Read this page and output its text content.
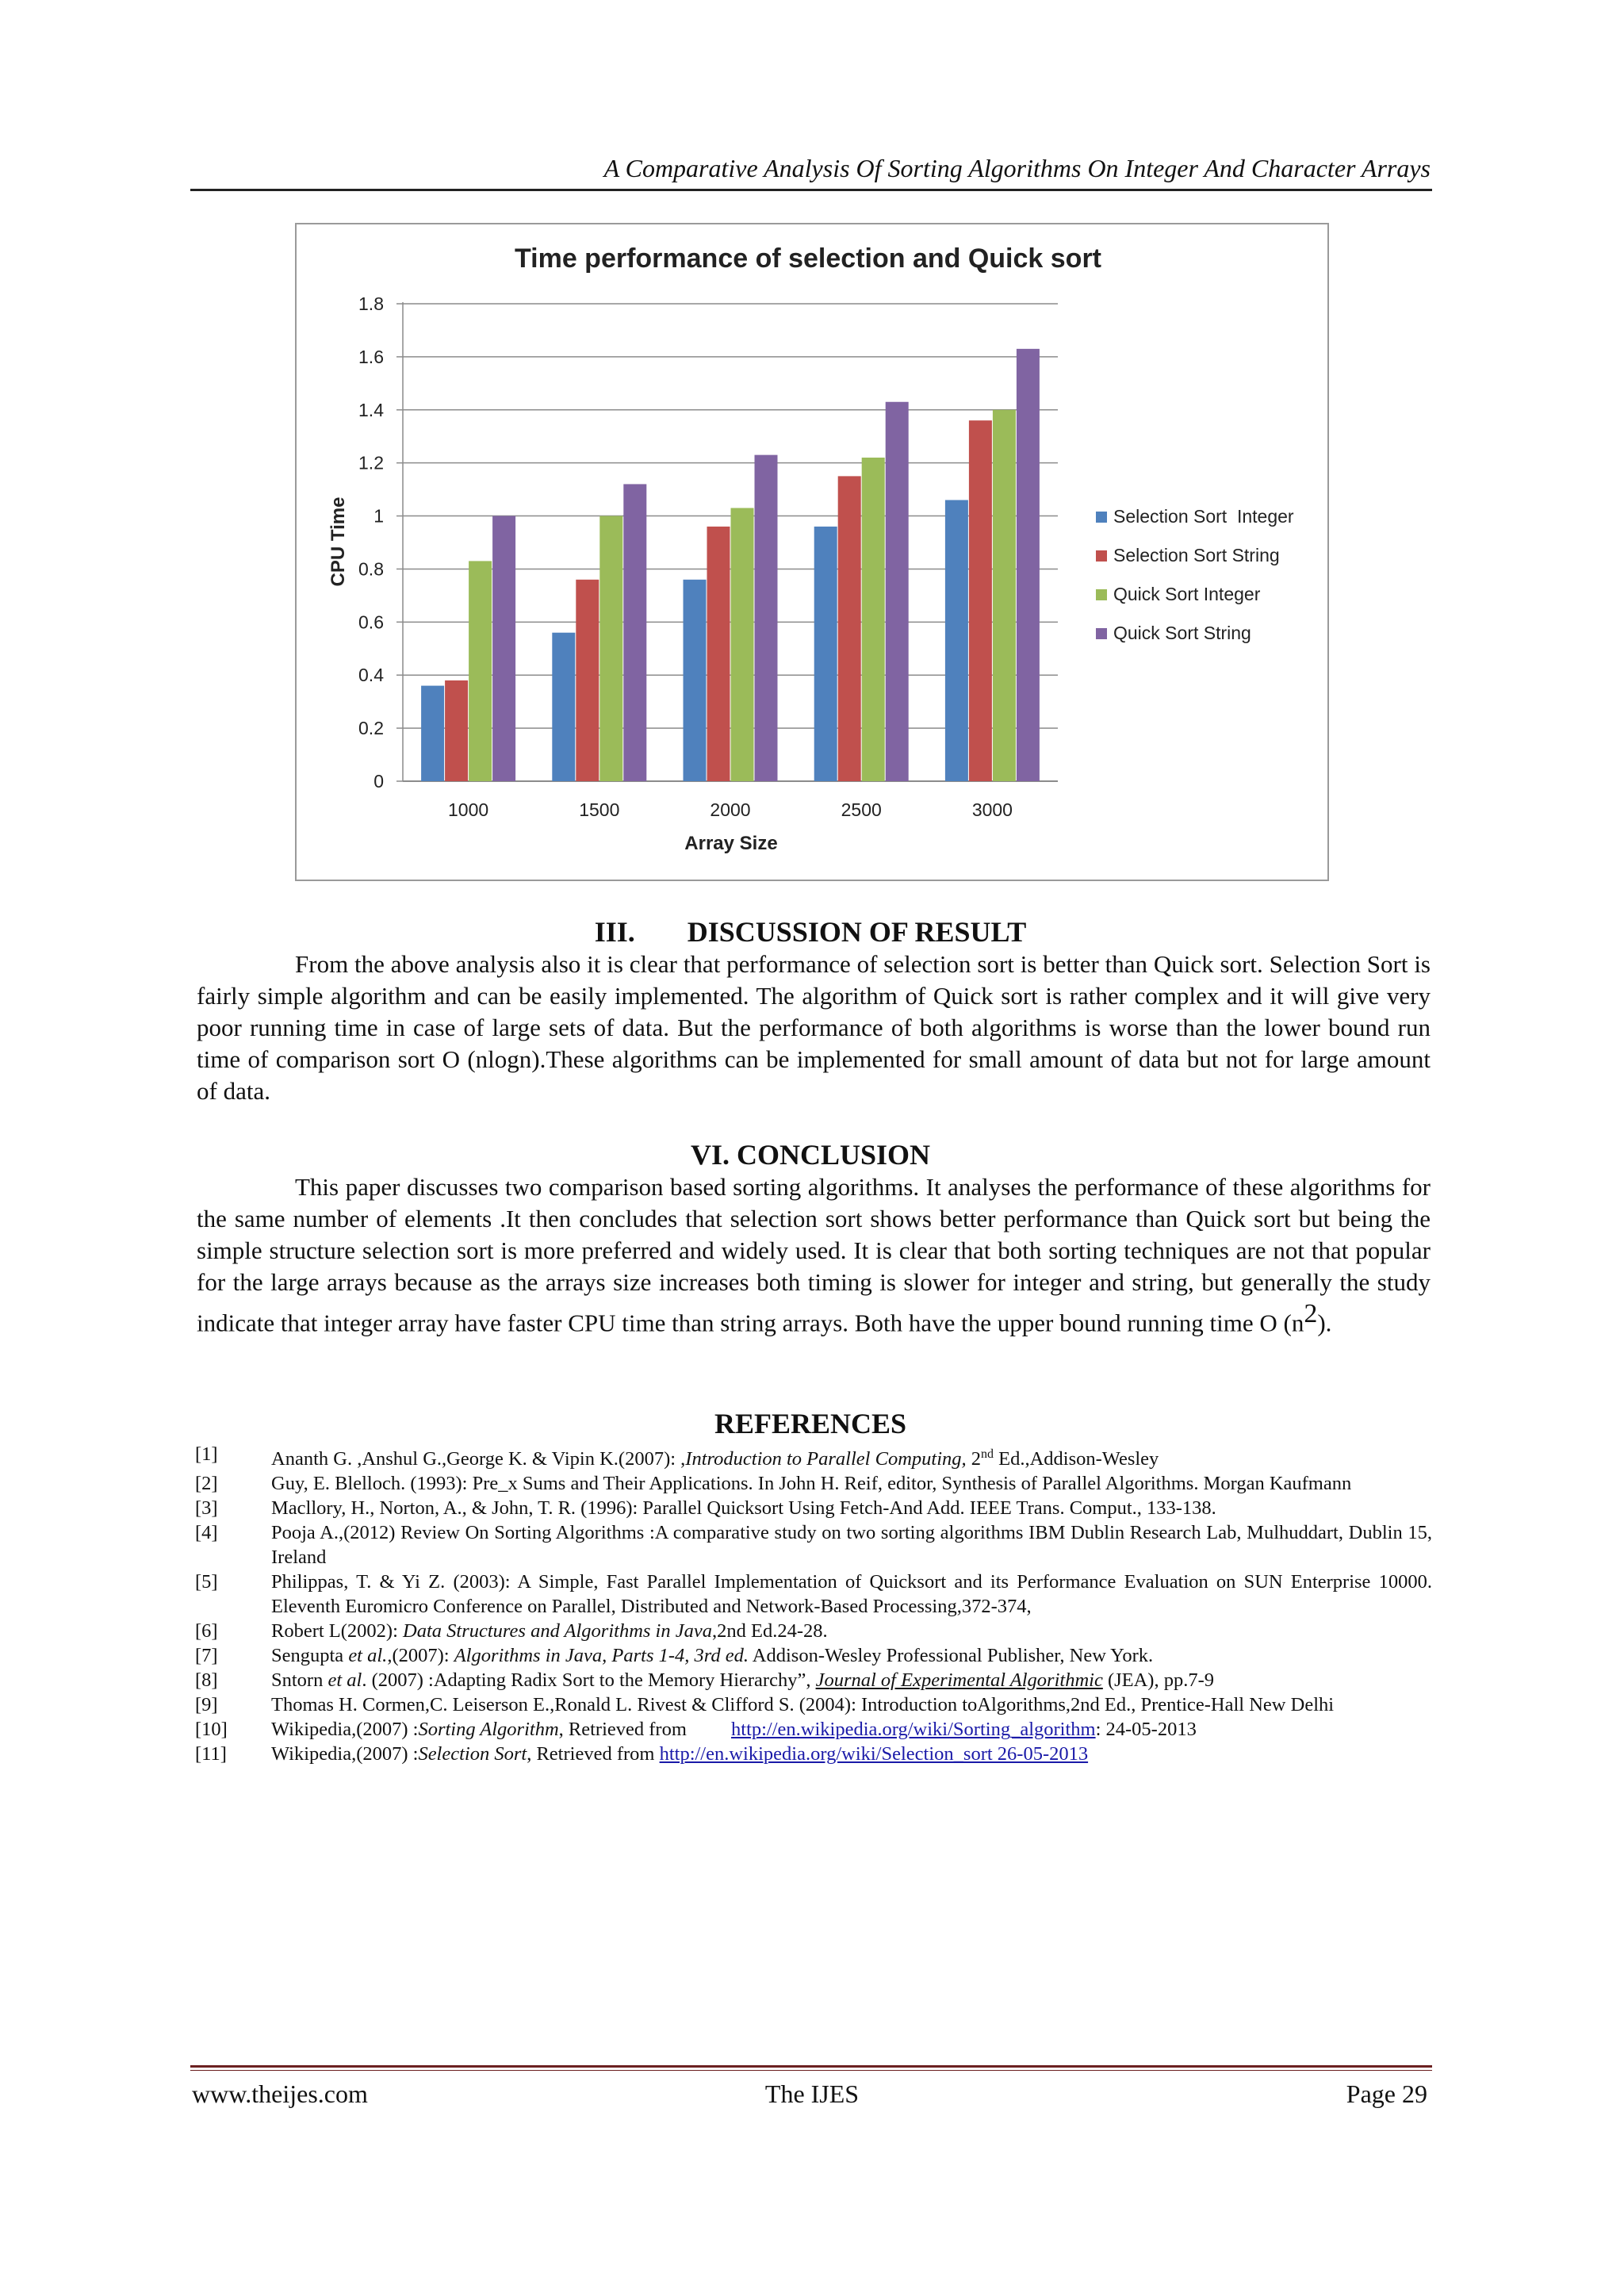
A Comparative Analysis Of Sorting Algorithms On Integer And Character Arrays
Time performance of selection and Quick sort
0
0.2
0.4
0.6
0.8
1
1.2
1.4
1.6
1.8
1000	1500	2000	2500	3000
Selection Sort  Integer
Selection Sort String
Quick Sort Integer
Quick Sort String
Array Size
CPU Time
III. DISCUSSION OF RESULT

From the above analysis also it is clear that performance of selection sort is better than Quick sort. Selection Sort is fairly simple algorithm and can be easily implemented. The algorithm of Quick sort is rather complex and it will give very poor running time in case of large sets of data. But the performance of both algorithms is worse than the lower bound run time of comparison sort O (nlogn).These algorithms can be implemented for small amount of data but not for large amount of data.

VI. CONCLUSION

This paper discusses two comparison based sorting algorithms. It analyses the performance of these algorithms for the same number of elements .It then concludes that selection sort shows better performance than Quick sort but being the simple structure selection sort is more preferred and widely used. It is clear that both sorting techniques are not that popular for the large arrays because as the arrays size increases both timing is slower for integer and string, but generally the study indicate that integer array have faster CPU time than string arrays. Both have the upper bound running time O $(n^2)$.

REFERENCES
[1]	Ananth G. ,Anshul G.,George K. & Vipin K.(2007): ,Introduction to Parallel Computing, 2nd Ed.,Addison-Wesley
[2]	Guy, E. Blelloch. (1993): Pre_x Sums and Their Applications. In John H. Reif, editor, Synthesis of Parallel Algorithms. Morgan Kaufmann
[3]	Macllory, H., Norton, A., & John, T. R. (1996): Parallel Quicksort Using Fetch-And Add. IEEE Trans. Comput., 133-138.
[4]	Pooja A.,(2012) Review On Sorting Algorithms :A comparative study on two sorting algorithms IBM Dublin Research Lab, Mulhuddart, Dublin 15, Ireland
[5]	Philippas, T. & Yi Z. (2003): A Simple, Fast Parallel Implementation of Quicksort and its Performance Evaluation on SUN Enterprise 10000. Eleventh Euromicro Conference on Parallel, Distributed and Network-Based Processing,372-374,
[6]	Robert L(2002): Data Structures and Algorithms in Java,2nd Ed.24-28.
[7]	Sengupta et al.,(2007): Algorithms in Java, Parts 1-4, 3rd ed. Addison-Wesley Professional Publisher, New York.
[8]	Sntorn et al. (2007) :Adapting Radix Sort to the Memory Hierarchy”, Journal of Experimental Algorithmic (JEA), pp.7-9
[9]	Thomas H. Cormen,C. Leiserson E.,Ronald L. Rivest & Clifford S. (2004): Introduction toAlgorithms,2nd Ed., Prentice-Hall New Delhi
[10]	Wikipedia,(2007) :Sorting Algorithm, Retrieved from http://en.wikipedia.org/wiki/Sorting_algorithm: 24-05-2013
[11]	Wikipedia,(2007) :Selection Sort, Retrieved from http://en.wikipedia.org/wiki/Selection_sort 26-05-2013
www.theijes.com	The IJES	Page 29
